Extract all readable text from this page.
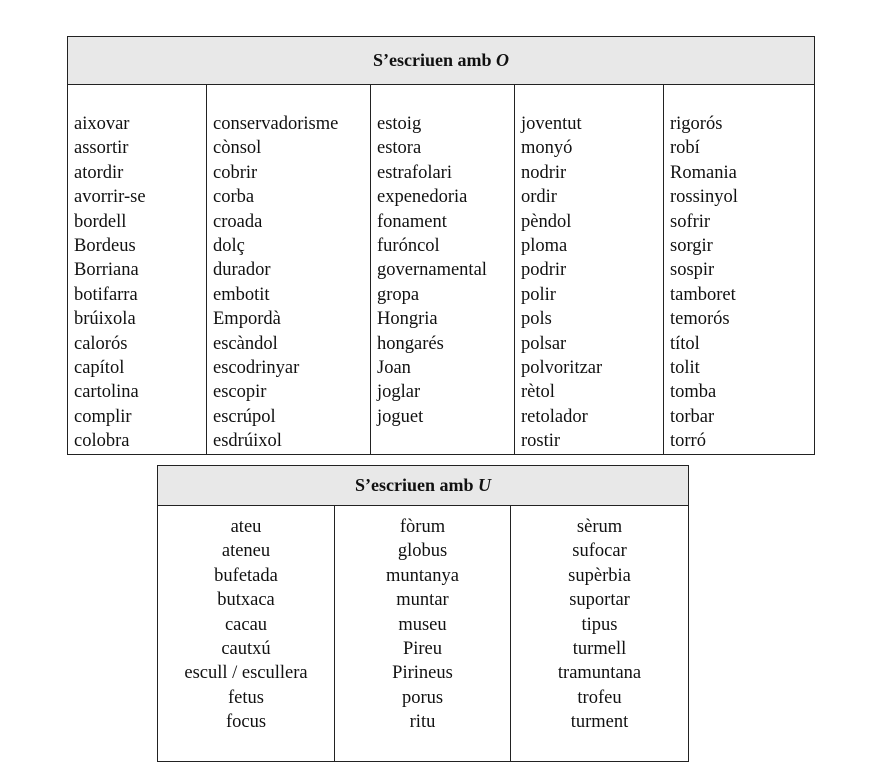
S’escriuen amb O

aixovar
assortir
atordir
avorrir-se
bordell
Bordeus
Borriana
botifarra
brúixola
calorós
capítol
cartolina
complir
colobra

conservadorisme
cònsol
cobrir
corba
croada
dolç
durador
embotit
Empordà
escàndol
escodrinyar
escopir
escrúpol
esdrúixol

estoig
estora
estrafolari
expenedoria
fonament
furóncol
governamental
gropa
Hongria
hongarés
Joan
joglar
joguet

joventut
monyó
nodrir
ordir
pèndol
ploma
podrir
polir
pols
polsar
polvoritzar
rètol
retolador
rostir

rigorós
robí
Romania
rossinyol
sofrir
sorgir
sospir
tamboret
temorós
títol
tolit
tomba
torbar
torró
S’escriuen amb U

ateu
ateneu
bufetada
butxaca
cacau
cautxú
escull / escullera
fetus
focus

fòrum
globus
muntanya
muntar
museu
Pireu
Pirineus
porus
ritu

sèrum
sufocar
supèrbia
suportar
tipus
turmell
tramuntana
trofeu
turment
